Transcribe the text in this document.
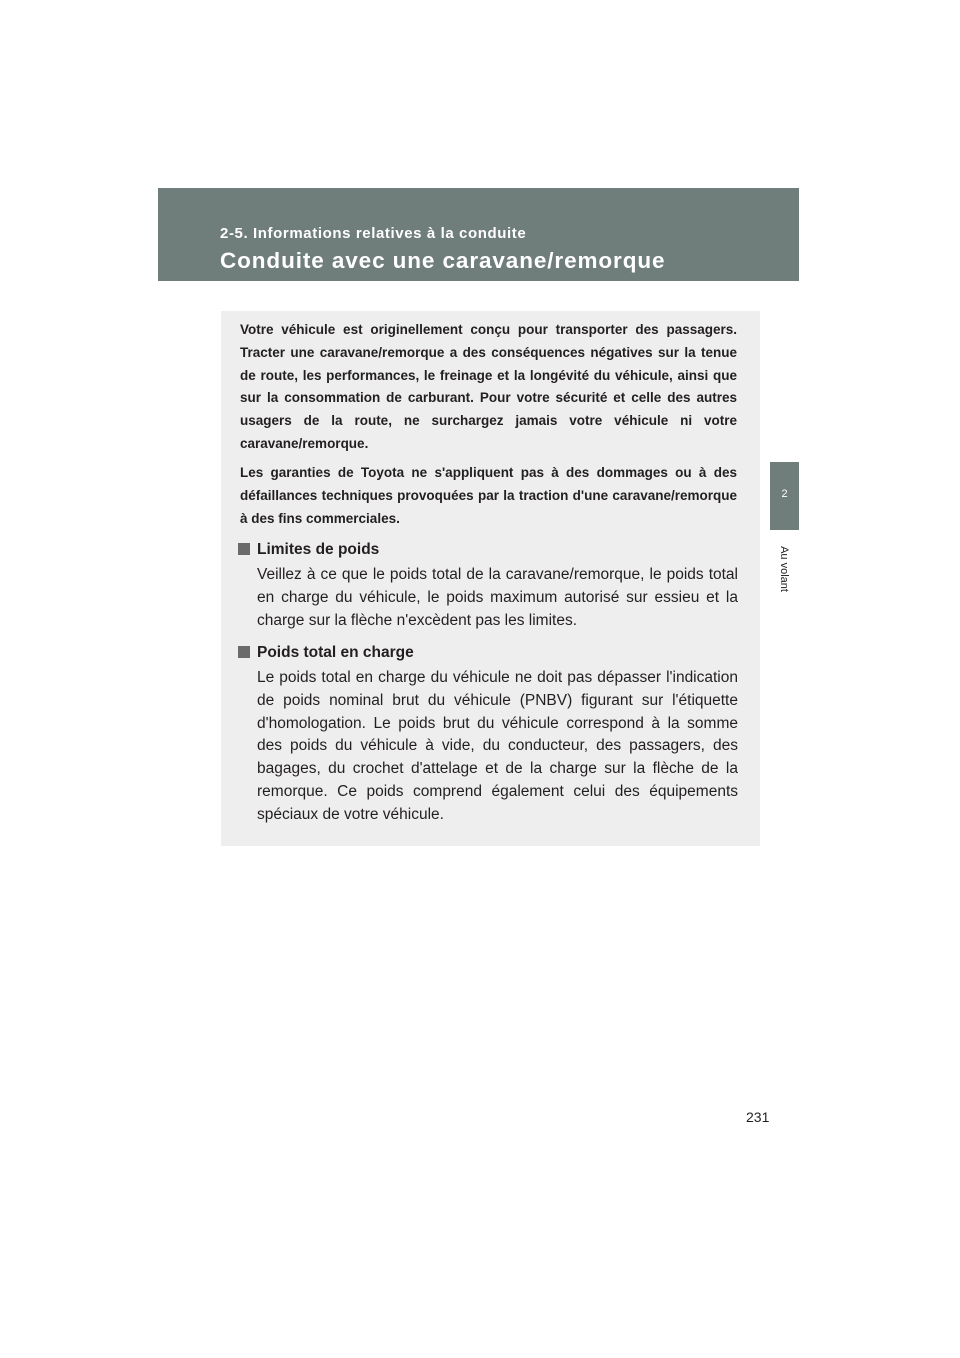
2-5. Informations relatives à la conduite
Conduite avec une caravane/remorque
2
Au volant

Votre véhicule est originellement conçu pour transporter des passagers. Tracter une caravane/remorque a des conséquences négatives sur la tenue de route, les performances, le freinage et la longévité du véhicule, ainsi que sur la consommation de carburant. Pour votre sécurité et celle des autres usagers de la route, ne surchargez jamais votre véhicule ni votre caravane/remorque.

Les garanties de Toyota ne s'appliquent pas à des dommages ou à des défaillances techniques provoquées par la traction d'une caravane/remorque à des fins commerciales.

Limites de poids

Veillez à ce que le poids total de la caravane/remorque, le poids total en charge du véhicule, le poids maximum autorisé sur essieu et la charge sur la flèche n'excèdent pas les limites.

Poids total en charge

Le poids total en charge du véhicule ne doit pas dépasser l'indication de poids nominal brut du véhicule (PNBV) figurant sur l'étiquette d'homologation. Le poids brut du véhicule correspond à la somme des poids du véhicule à vide, du conducteur, des passagers, des bagages, du crochet d'attelage et de la charge sur la flèche de la remorque. Ce poids comprend également celui des équipements spéciaux de votre véhicule.

231
